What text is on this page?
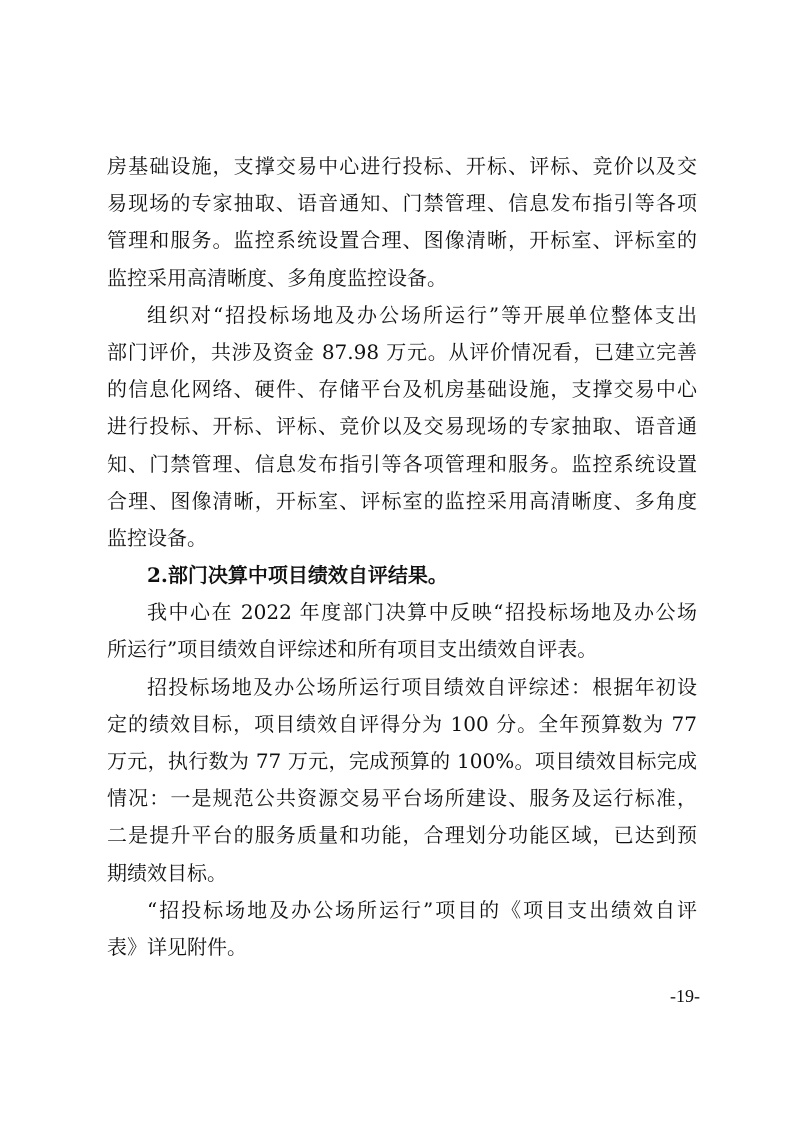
房基础设施，支撑交易中心进行投标、开标、评标、竞价以及交
易现场的专家抽取、语音通知、门禁管理、信息发布指引等各项
管理和服务。监控系统设置合理、图像清晰，开标室、评标室的
监控采用高清晰度、多角度监控设备。
组织对“招投标场地及办公场所运行”等开展单位整体支出
部门评价，共涉及资金 87.98 万元。从评价情况看，已建立完善
的信息化网络、硬件、存储平台及机房基础设施，支撑交易中心
进行投标、开标、评标、竞价以及交易现场的专家抽取、语音通
知、门禁管理、信息发布指引等各项管理和服务。监控系统设置
合理、图像清晰，开标室、评标室的监控采用高清晰度、多角度
监控设备。
2.部门决算中项目绩效自评结果。
我中心在 2022 年度部门决算中反映“招投标场地及办公场
所运行”项目绩效自评综述和所有项目支出绩效自评表。
招投标场地及办公场所运行项目绩效自评综述：根据年初设
定的绩效目标，项目绩效自评得分为 100 分。全年预算数为 77
万元，执行数为 77 万元，完成预算的 100%。项目绩效目标完成
情况：一是规范公共资源交易平台场所建设、服务及运行标准，
二是提升平台的服务质量和功能，合理划分功能区域，已达到预
期绩效目标。
“招投标场地及办公场所运行”项目的《项目支出绩效自评
表》详见附件。
-19-
